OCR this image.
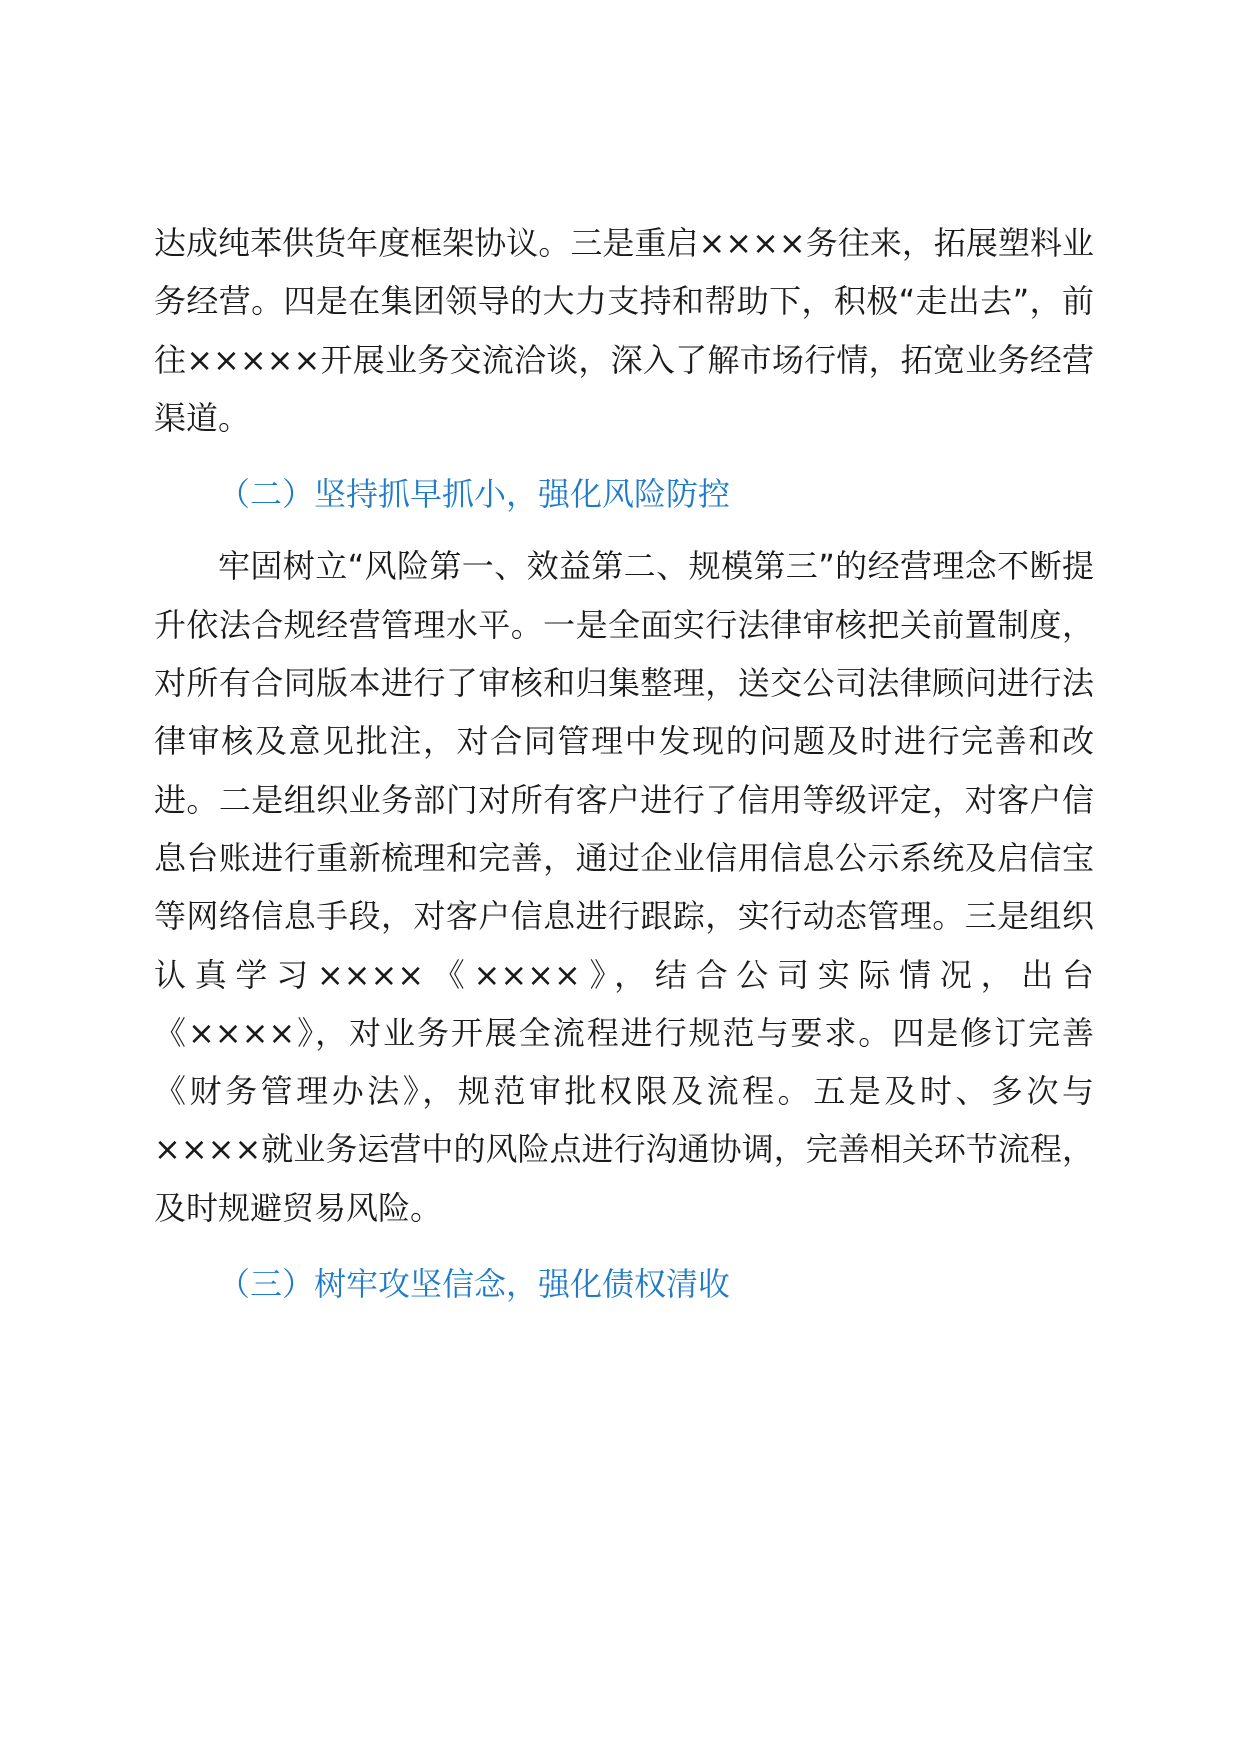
达成纯苯供货年度框架协议。三是重启××××务往来，拓展塑料业务经营。四是在集团领导的大力支持和帮助下，积极“走出去”，前往×××××开展业务交流洽谈，深入了解市场行情，拓宽业务经营渠道。

（二）坚持抓早抓小，强化风险防控

牢固树立“风险第一、效益第二、规模第三”的经营理念不断提升依法合规经营管理水平。一是全面实行法律审核把关前置制度，对所有合同版本进行了审核和归集整理，送交公司法律顾问进行法律审核及意见批注，对合同管理中发现的问题及时进行完善和改进。二是组织业务部门对所有客户进行了信用等级评定，对客户信息台账进行重新梳理和完善，通过企业信用信息公示系统及启信宝等网络信息手段，对客户信息进行跟踪，实行动态管理。三是组织认真学习××××《××××》，结合公司实际情况，出台《××××》，对业务开展全流程进行规范与要求。四是修订完善《财务管理办法》，规范审批权限及流程。五是及时、多次与××××就业务运营中的风险点进行沟通协调，完善相关环节流程，及时规避贸易风险。

（三）树牢攻坚信念，强化债权清收
